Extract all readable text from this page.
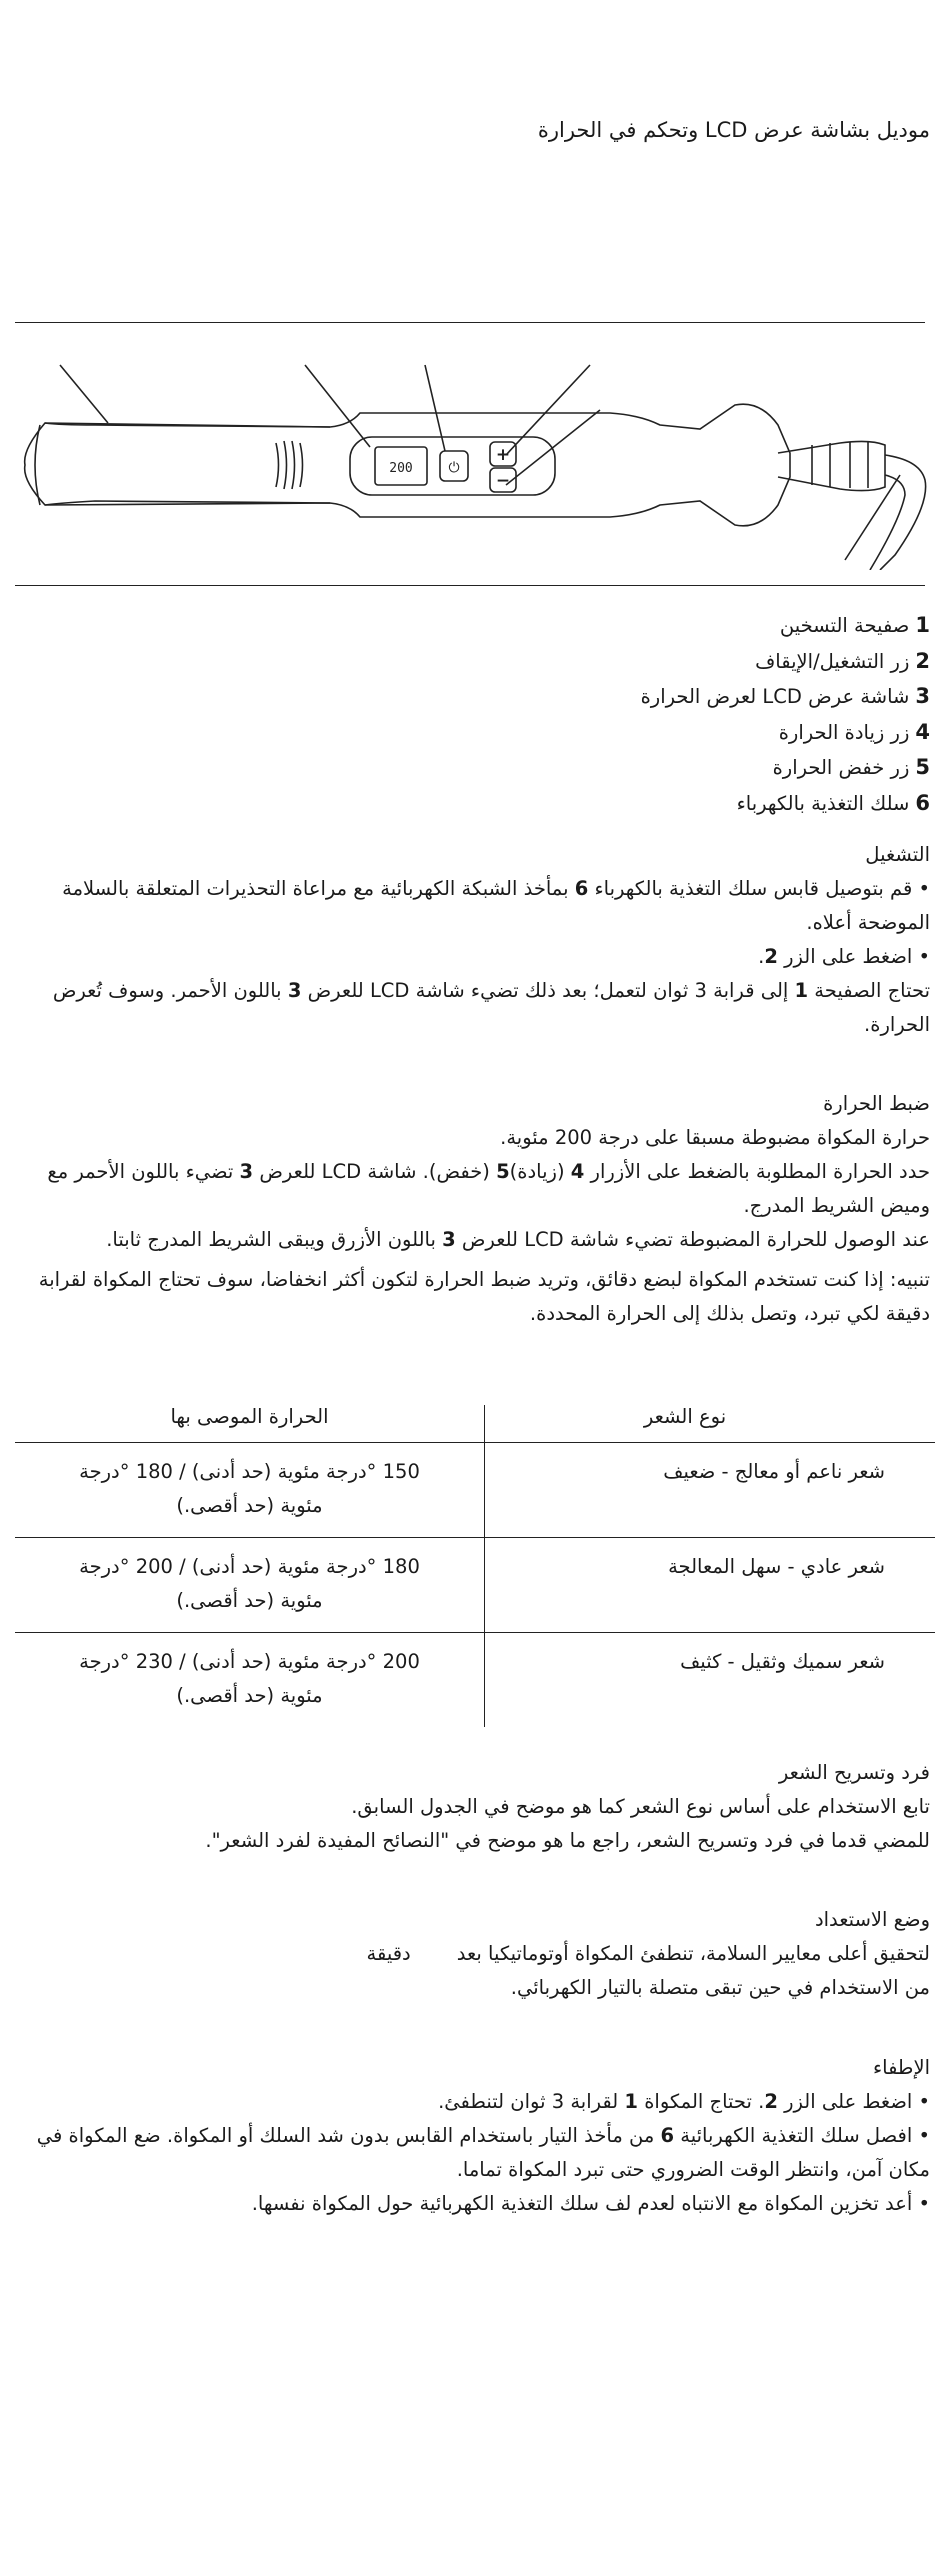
موديل بشاشة عرض LCD وتحكم في الحرارة
200	⏻
+
−
1صفيحة التسخين
2زر التشغيل/الإيقاف
3شاشة عرض LCD لعرض الحرارة
4زر زيادة الحرارة
5زر خفض الحرارة
6سلك التغذية بالكهرباء

التشغيل

• قم بتوصيل قابس سلك التغذية بالكهرباء 6 بمأخذ الشبكة الكهربائية مع مراعاة التحذيرات المتعلقة بالسلامة الموضحة أعلاه.

• اضغط على الزر 2.

تحتاج الصفيحة 1 إلى قرابة 3 ثوان لتعمل؛ بعد ذلك تضيء شاشة LCD للعرض 3 باللون الأحمر. وسوف تُعرض الحرارة.

ضبط الحرارة

حرارة المكواة مضبوطة مسبقا على درجة 200 مئوية.

حدد الحرارة المطلوبة بالضغط على الأزرار 4 (زيادة)5 (خفض). شاشة LCD للعرض 3 تضيء باللون الأحمر مع وميض الشريط المدرج.

عند الوصول للحرارة المضبوطة تضيء شاشة LCD للعرض 3 باللون الأزرق ويبقى الشريط المدرج ثابتا.

تنبيه: إذا كنت تستخدم المكواة لبضع دقائق، وتريد ضبط الحرارة لتكون أكثر انخفاضا، سوف تحتاج المكواة لقرابة دقيقة لكي تبرد، وتصل بذلك إلى الحرارة المحددة.

نوع الشعر	الحرارة الموصى بها
شعر ناعم أو معالج - ضعيف	150 °درجة مئوية (حد أدنى) / 180 °درجة مئوية (حد أقصى.)
شعر عادي - سهل المعالجة	180 °درجة مئوية (حد أدنى) / 200 °درجة مئوية (حد أقصى.)
شعر سميك وثقيل - كثيف	200 °درجة مئوية (حد أدنى) / 230 °درجة مئوية (حد أقصى.)

فرد وتسريح الشعر

تابع الاستخدام على أساس نوع الشعر كما هو موضح في الجدول السابق.

للمضي قدما في فرد وتسريح الشعر، راجع ما هو موضح في "النصائح المفيدة لفرد الشعر".

وضع الاستعداد

لتحقيق أعلى معايير السلامة، تنطفئ المكواة أوتوماتيكيا بعددقيقة

من الاستخدام في حين تبقى متصلة بالتيار الكهربائي.

الإطفاء

• اضغط على الزر 2. تحتاج المكواة 1 لقرابة 3 ثوان لتنطفئ.

• افصل سلك التغذية الكهربائية 6 من مأخذ التيار باستخدام القابس بدون شد السلك أو المكواة. ضع المكواة في مكان آمن، وانتظر الوقت الضروري حتى تبرد المكواة تماما.

• أعد تخزين المكواة مع الانتباه لعدم لف سلك التغذية الكهربائية حول المكواة نفسها.
